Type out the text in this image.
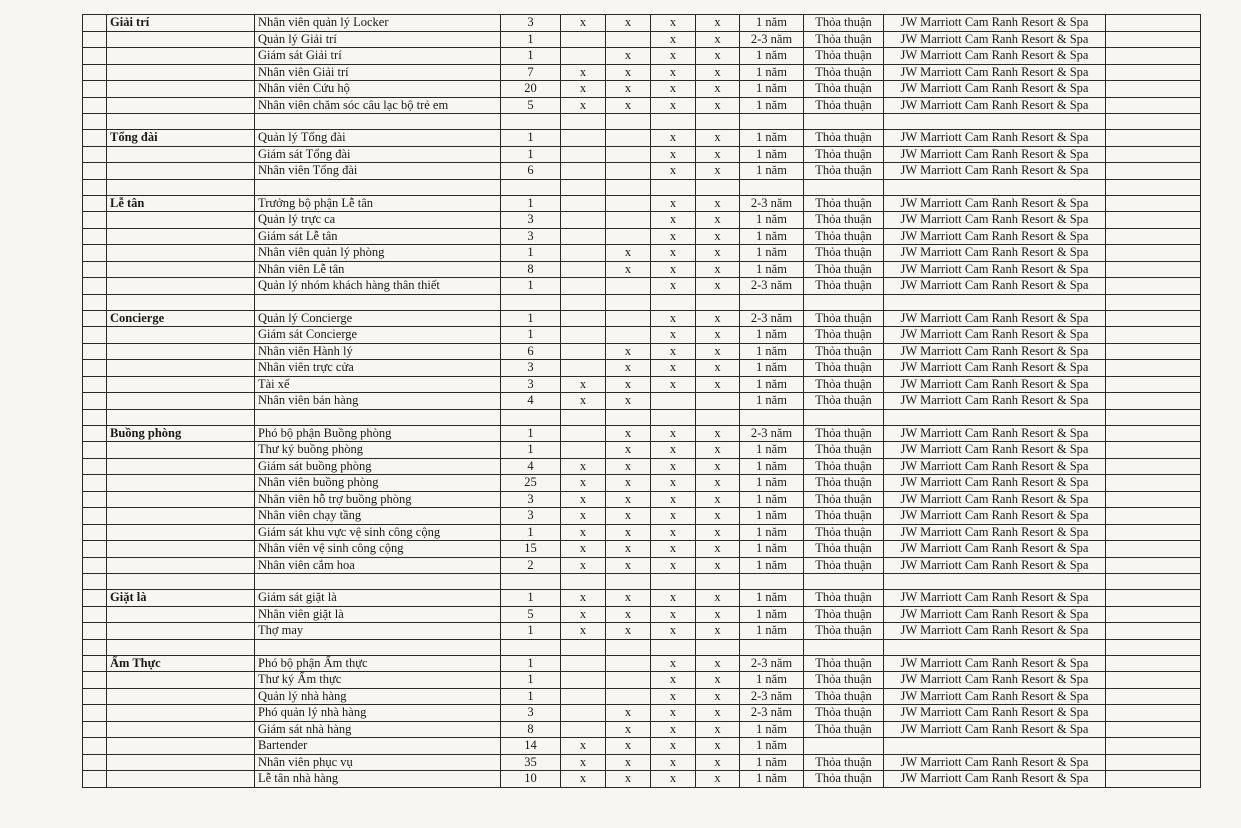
	Giải trí	Nhân viên quản lý Locker	3	x	x	x	x	1 năm	Thỏa thuận	JW Marriott Cam Ranh Resort & Spa	
		Quản lý Giải trí	1			x	x	2-3 năm	Thỏa thuận	JW Marriott Cam Ranh Resort & Spa	
		Giám sát Giải trí	1		x	x	x	1 năm	Thỏa thuận	JW Marriott Cam Ranh Resort & Spa	
		Nhân viên Giải trí	7	x	x	x	x	1 năm	Thỏa thuận	JW Marriott Cam Ranh Resort & Spa	
		Nhân viên Cứu hộ	20	x	x	x	x	1 năm	Thỏa thuận	JW Marriott Cam Ranh Resort & Spa	
		Nhân viên chăm sóc câu lạc bộ trẻ em	5	x	x	x	x	1 năm	Thỏa thuận	JW Marriott Cam Ranh Resort & Spa	

	Tổng đài	Quản lý Tổng đài	1			x	x	1 năm	Thỏa thuận	JW Marriott Cam Ranh Resort & Spa	
		Giám sát Tổng đài	1			x	x	1 năm	Thỏa thuận	JW Marriott Cam Ranh Resort & Spa	
		Nhân viên Tổng đài	6			x	x	1 năm	Thỏa thuận	JW Marriott Cam Ranh Resort & Spa	

	Lễ tân	Trưởng bộ phận Lễ tân	1			x	x	2-3 năm	Thỏa thuận	JW Marriott Cam Ranh Resort & Spa	
		Quản lý trực ca	3			x	x	1 năm	Thỏa thuận	JW Marriott Cam Ranh Resort & Spa	
		Giám sát Lễ tân	3			x	x	1 năm	Thỏa thuận	JW Marriott Cam Ranh Resort & Spa	
		Nhân viên quản lý phòng	1		x	x	x	1 năm	Thỏa thuận	JW Marriott Cam Ranh Resort & Spa	
		Nhân viên Lễ tân	8		x	x	x	1 năm	Thỏa thuận	JW Marriott Cam Ranh Resort & Spa	
		Quản lý nhóm khách hàng thân thiết	1			x	x	2-3 năm	Thỏa thuận	JW Marriott Cam Ranh Resort & Spa	

	Concierge	Quản lý Concierge	1			x	x	2-3 năm	Thỏa thuận	JW Marriott Cam Ranh Resort & Spa	
		Giám sát Concierge	1			x	x	1 năm	Thỏa thuận	JW Marriott Cam Ranh Resort & Spa	
		Nhân viên Hành lý	6		x	x	x	1 năm	Thỏa thuận	JW Marriott Cam Ranh Resort & Spa	
		Nhân viên trực cửa	3		x	x	x	1 năm	Thỏa thuận	JW Marriott Cam Ranh Resort & Spa	
		Tài xế	3	x	x	x	x	1 năm	Thỏa thuận	JW Marriott Cam Ranh Resort & Spa	
		Nhân viên bán hàng	4	x	x			1 năm	Thỏa thuận	JW Marriott Cam Ranh Resort & Spa	

	Buồng phòng	Phó bộ phận Buồng phòng	1		x	x	x	2-3 năm	Thỏa thuận	JW Marriott Cam Ranh Resort & Spa	
		Thư ký buồng phòng	1		x	x	x	1 năm	Thỏa thuận	JW Marriott Cam Ranh Resort & Spa	
		Giám sát buồng phòng	4	x	x	x	x	1 năm	Thỏa thuận	JW Marriott Cam Ranh Resort & Spa	
		Nhân viên buồng phòng	25	x	x	x	x	1 năm	Thỏa thuận	JW Marriott Cam Ranh Resort & Spa	
		Nhân viên hỗ trợ buồng phòng	3	x	x	x	x	1 năm	Thỏa thuận	JW Marriott Cam Ranh Resort & Spa	
		Nhân viên chạy tầng	3	x	x	x	x	1 năm	Thỏa thuận	JW Marriott Cam Ranh Resort & Spa	
		Giám sát khu vực vệ sinh công cộng	1	x	x	x	x	1 năm	Thỏa thuận	JW Marriott Cam Ranh Resort & Spa	
		Nhân viên vệ sinh công cộng	15	x	x	x	x	1 năm	Thỏa thuận	JW Marriott Cam Ranh Resort & Spa	
		Nhân viên cắm hoa	2	x	x	x	x	1 năm	Thỏa thuận	JW Marriott Cam Ranh Resort & Spa	

	Giặt là	Giám sát giặt là	1	x	x	x	x	1 năm	Thỏa thuận	JW Marriott Cam Ranh Resort & Spa	
		Nhân viên giặt là	5	x	x	x	x	1 năm	Thỏa thuận	JW Marriott Cam Ranh Resort & Spa	
		Thợ may	1	x	x	x	x	1 năm	Thỏa thuận	JW Marriott Cam Ranh Resort & Spa	

	Ẩm Thực	Phó bộ phận Ẩm thực	1			x	x	2-3 năm	Thỏa thuận	JW Marriott Cam Ranh Resort & Spa	
		Thư ký Ẩm thực	1			x	x	1 năm	Thỏa thuận	JW Marriott Cam Ranh Resort & Spa	
		Quản lý nhà hàng	1			x	x	2-3 năm	Thỏa thuận	JW Marriott Cam Ranh Resort & Spa	
		Phó quản lý nhà hàng	3		x	x	x	2-3 năm	Thỏa thuận	JW Marriott Cam Ranh Resort & Spa	
		Giám sát nhà hàng	8		x	x	x	1 năm	Thỏa thuận	JW Marriott Cam Ranh Resort & Spa	
		Bartender	14	x	x	x	x	1 năm			
		Nhân viên phục vụ	35	x	x	x	x	1 năm	Thỏa thuận	JW Marriott Cam Ranh Resort & Spa	
		Lễ tân nhà hàng	10	x	x	x	x	1 năm	Thỏa thuận	JW Marriott Cam Ranh Resort & Spa	
